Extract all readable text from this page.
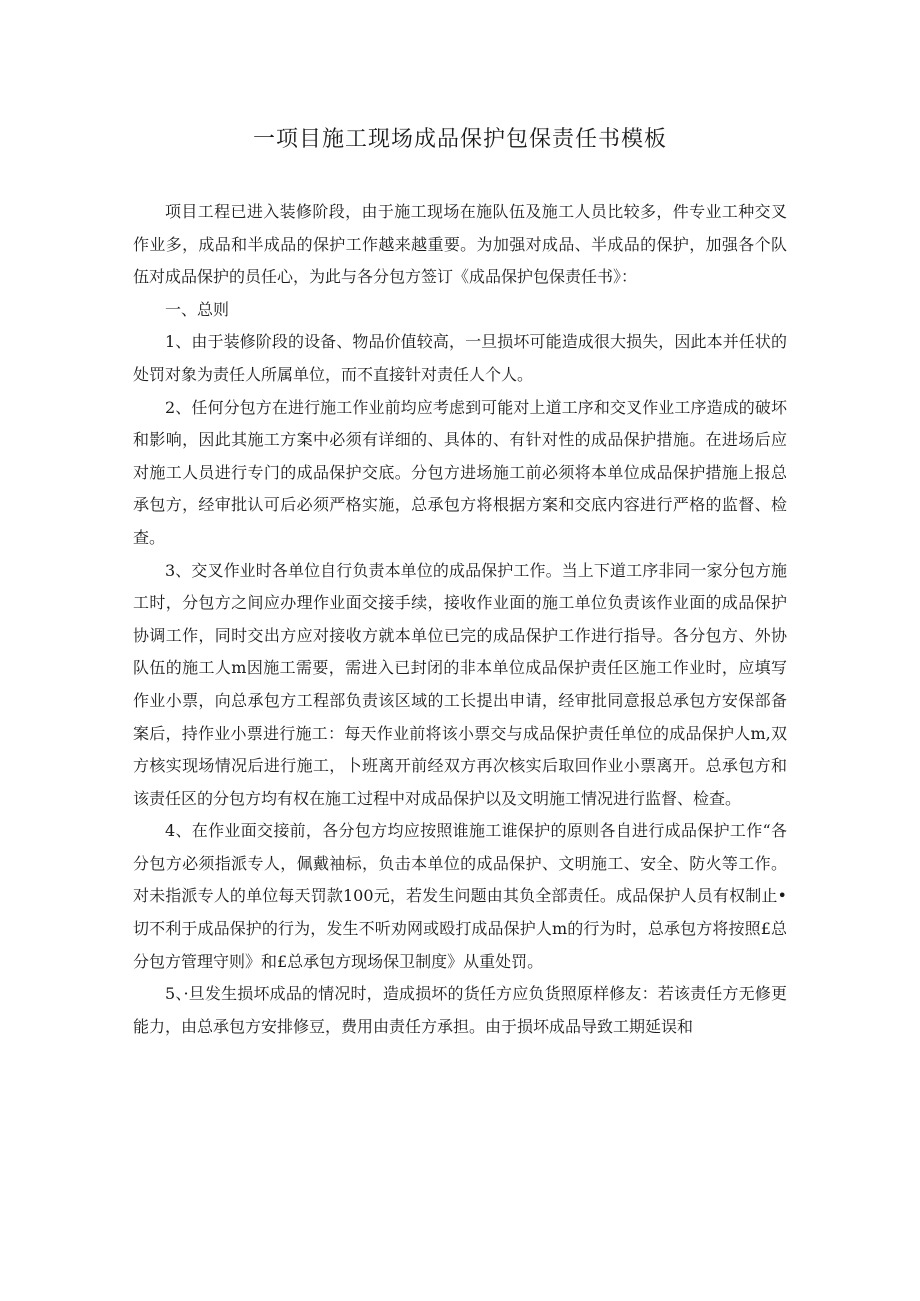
一项目施工现场成品保护包保责任书模板

项目工程已进入装修阶段，由于施工现场在施队伍及施工人员比较多，件专业工种交叉作业多，成品和半成品的保护工作越来越重要。为加强对成品、半成品的保护，加强各个队伍对成品保护的员任心，为此与各分包方签订《成品保护包保责任书》：

一、总则

1、由于装修阶段的设备、物品价值较高，一旦损坏可能造成很大损失，因此本并任状的处罚对象为责任人所属单位，而不直接针对责任人个人。

2、任何分包方在进行施工作业前均应考虑到可能对上道工序和交叉作业工序造成的破坏和影响，因此其施工方案中必须有详细的、具体的、有针对性的成品保护措施。在进场后应对施工人员进行专门的成品保护交底。分包方进场施工前必须将本单位成品保护措施上报总承包方，经审批认可后必须严格实施，总承包方将根据方案和交底内容进行严格的监督、检查。

3、交叉作业时各单位自行负责本单位的成品保护工作。当上下道工序非同一家分包方施工时，分包方之间应办理作业面交接手续，接收作业面的施工单位负责该作业面的成品保护协调工作，同时交出方应对接收方就本单位已完的成品保护工作进行指导。各分包方、外协队伍的施工人m因施工需要，需进入已封闭的非本单位成品保护责任区施工作业时，应填写作业小票，向总承包方工程部负责该区域的工长提出申请，经审批同意报总承包方安保部备案后，持作业小票进行施工：每天作业前将该小票交与成品保护责任单位的成品保护人m,双方核实现场情况后进行施工，卜班离开前经双方再次核实后取回作业小票离开。总承包方和该责任区的分包方均有权在施工过程中对成品保护以及文明施工情况进行监督、检查。

4、在作业面交接前，各分包方均应按照谁施工谁保护的原则各自进行成品保护工作“各分包方必须指派专人，佩戴袖标，负击本单位的成品保护、文明施工、安全、防火等工作。对未指派专人的单位每天罚款100元，若发生问题由其负全部责任。成品保护人员有权制止•切不利于成品保护的行为，发生不听劝网或殴打成品保护人m的行为时，总承包方将按照£总分包方管理守则》和£总承包方现场保卫制度》从重处罚。

5、·旦发生损坏成品的情况时，造成损坏的货任方应负货照原样修友：若该责任方无修更能力，由总承包方安排修豆，费用由责任方承担。由于损坏成品导致工期延误和
